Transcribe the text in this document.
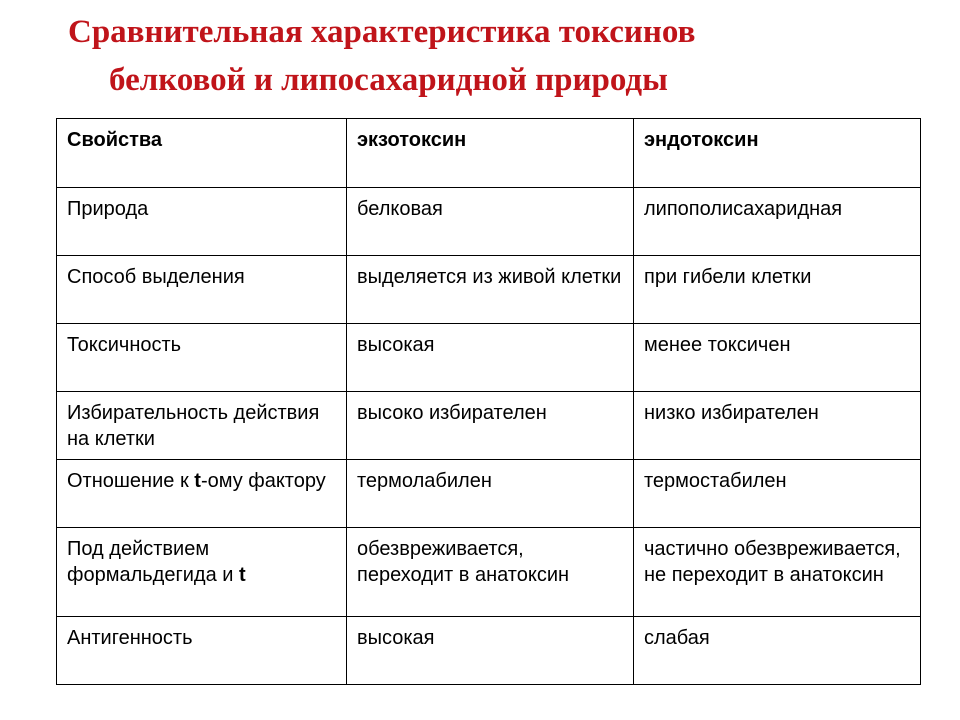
Сравнительная характеристика токсинов
белковой и липосахаридной природы
Свойства	экзотоксин	эндотоксин
Природа	белковая	липополисахаридная
Способ выделения	выделяется из живой клетки	при гибели клетки
Токсичность	высокая	менее токсичен
Избирательность действия на клетки	высоко избирателен	низко избирателен
Отношение к t-ому фактору	термолабилен	термостабилен
Под действием формальдегида и t	обезвреживается, переходит в анатоксин	частично обезвреживается, не переходит в анатоксин
Антигенность	высокая	слабая
